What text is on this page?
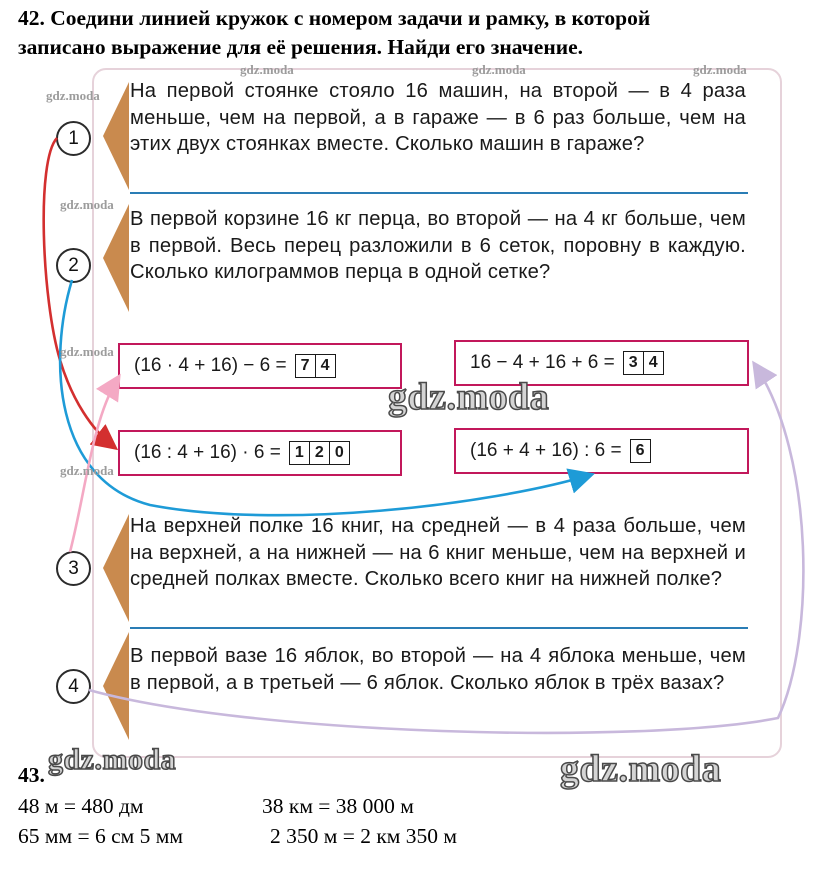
42. Соедини линией кружок с номером задачи и рамку, в которой
записано выражение для её решения. Найди его значение.
На первой стоянке стояло 16 машин, на второй — в 4 раза меньше, чем на первой, а в гараже — в 6 раз больше, чем на этих двух стоянках вместе. Сколько машин в гараже?
1
В первой корзине 16 кг перца, во второй — на 4 кг больше, чем в первой. Весь перец разложили в 6 сеток, поровну в каждую. Сколько килограммов перца в одной сетке?
2
(16 · 4 + 16) − 6 = 7 4	16 − 4 + 16 + 6 = 3 4
(16 : 4 + 16) · 6 = 1 2 0	(16 + 4 + 16) : 6 = 6
На верхней полке 16 книг, на средней — в 4 раза больше, чем на верхней, а на нижней — на 6 книг меньше, чем на верхней и средней полках вместе. Сколько всего книг на нижней полке?
3
В первой вазе 16 яблок, во второй — на 4 яблока меньше, чем в первой, а в третьей — 6 яблок. Сколько яблок в трёх вазах?
4
gdz.moda
gdz.moda	gdz.moda	gdz.moda
gdz.moda
gdz.moda
gdz.moda
gdz.moda
gdz.moda	gdz.moda
43.
48 м = 480 дм	38 км = 38 000 м
65 мм = 6 см 5 мм	2 350 м = 2 км 350 м
